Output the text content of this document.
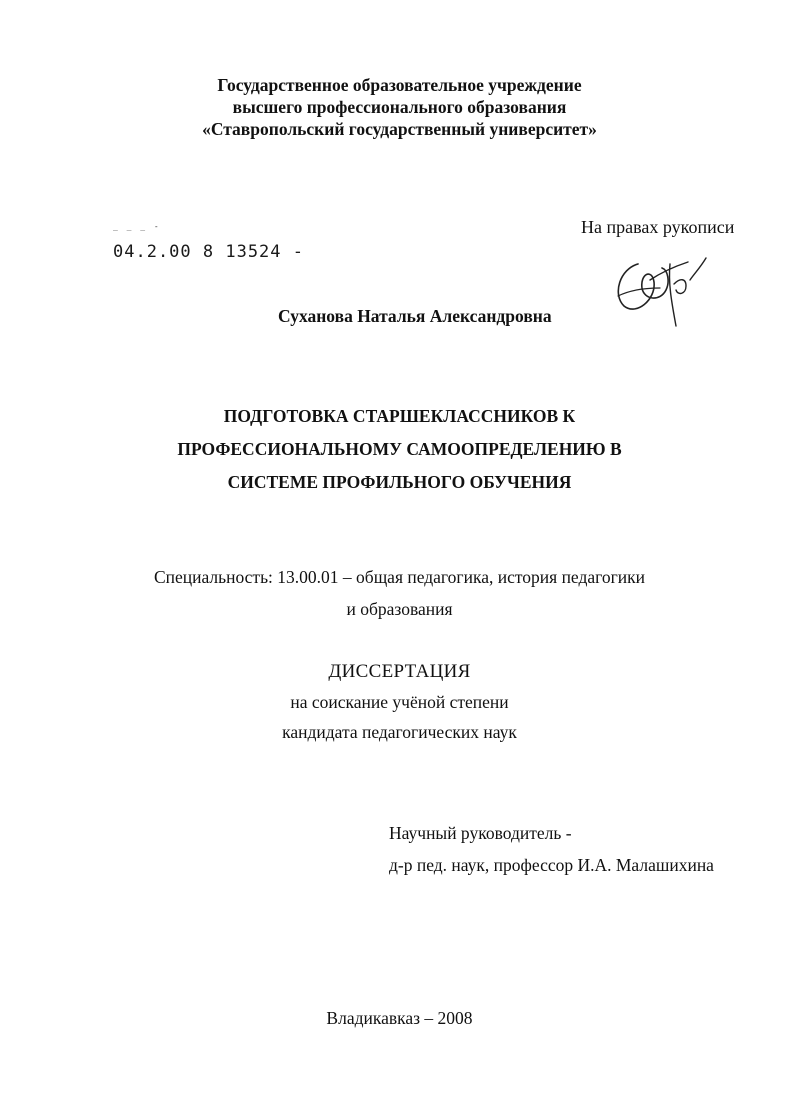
Государственное образовательное учреждение
высшего профессионального образования
«Ставропольский государственный университет»
_ _ _ -
04.2.00 8 13524 -
На правах рукописи
Суханова Наталья Александровна
ПОДГОТОВКА СТАРШЕКЛАССНИКОВ К
ПРОФЕССИОНАЛЬНОМУ САМООПРЕДЕЛЕНИЮ В
СИСТЕМЕ ПРОФИЛЬНОГО ОБУЧЕНИЯ
Специальность: 13.00.01 – общая педагогика, история педагогики
и образования
ДИССЕРТАЦИЯ
на соискание учёной степени
кандидата педагогических наук
Научный руководитель -
д-р пед. наук, профессор И.А. Малашихина
Владикавказ – 2008
